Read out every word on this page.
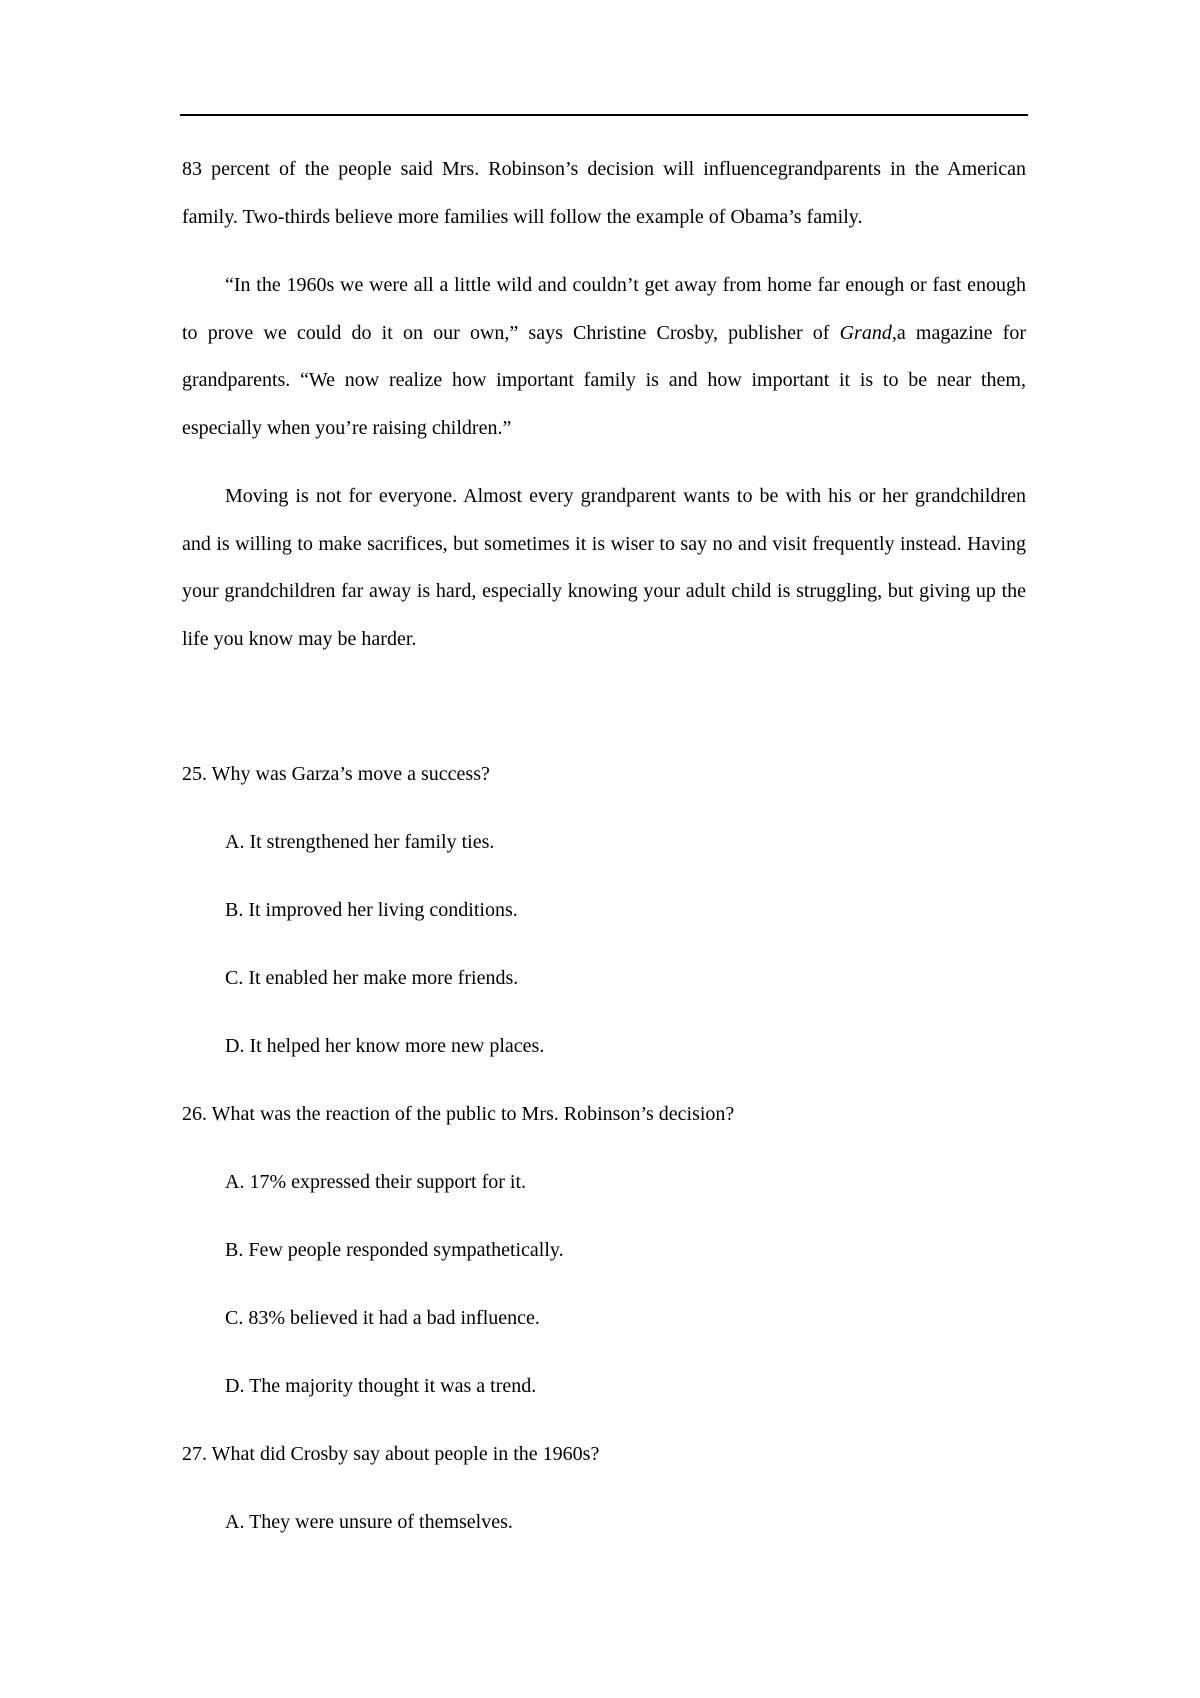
83 percent of the people said Mrs. Robinson’s decision will influencegrandparents in the American family. Two-thirds believe more families will follow the example of Obama’s family.

“In the 1960s we were all a little wild and couldn’t get away from home far enough or fast enough to prove we could do it on our own,” says Christine Crosby, publisher of Grand,a magazine for grandparents. “We now realize how important family is and how important it is to be near them, especially when you’re raising children.”

Moving is not for everyone. Almost every grandparent wants to be with his or her grandchildren and is willing to make sacrifices, but sometimes it is wiser to say no and visit frequently instead. Having your grandchildren far away is hard, especially knowing your adult child is struggling, but giving up the life you know may be harder.

25. Why was Garza’s move a success?
A. It strengthened her family ties.
B. It improved her living conditions.
C. It enabled her make more friends.
D. It helped her know more new places.
26. What was the reaction of the public to Mrs. Robinson’s decision?
A. 17% expressed their support for it.
B. Few people responded sympathetically.
C. 83% believed it had a bad influence.
D. The majority thought it was a trend.
27. What did Crosby say about people in the 1960s?
A. They were unsure of themselves.
